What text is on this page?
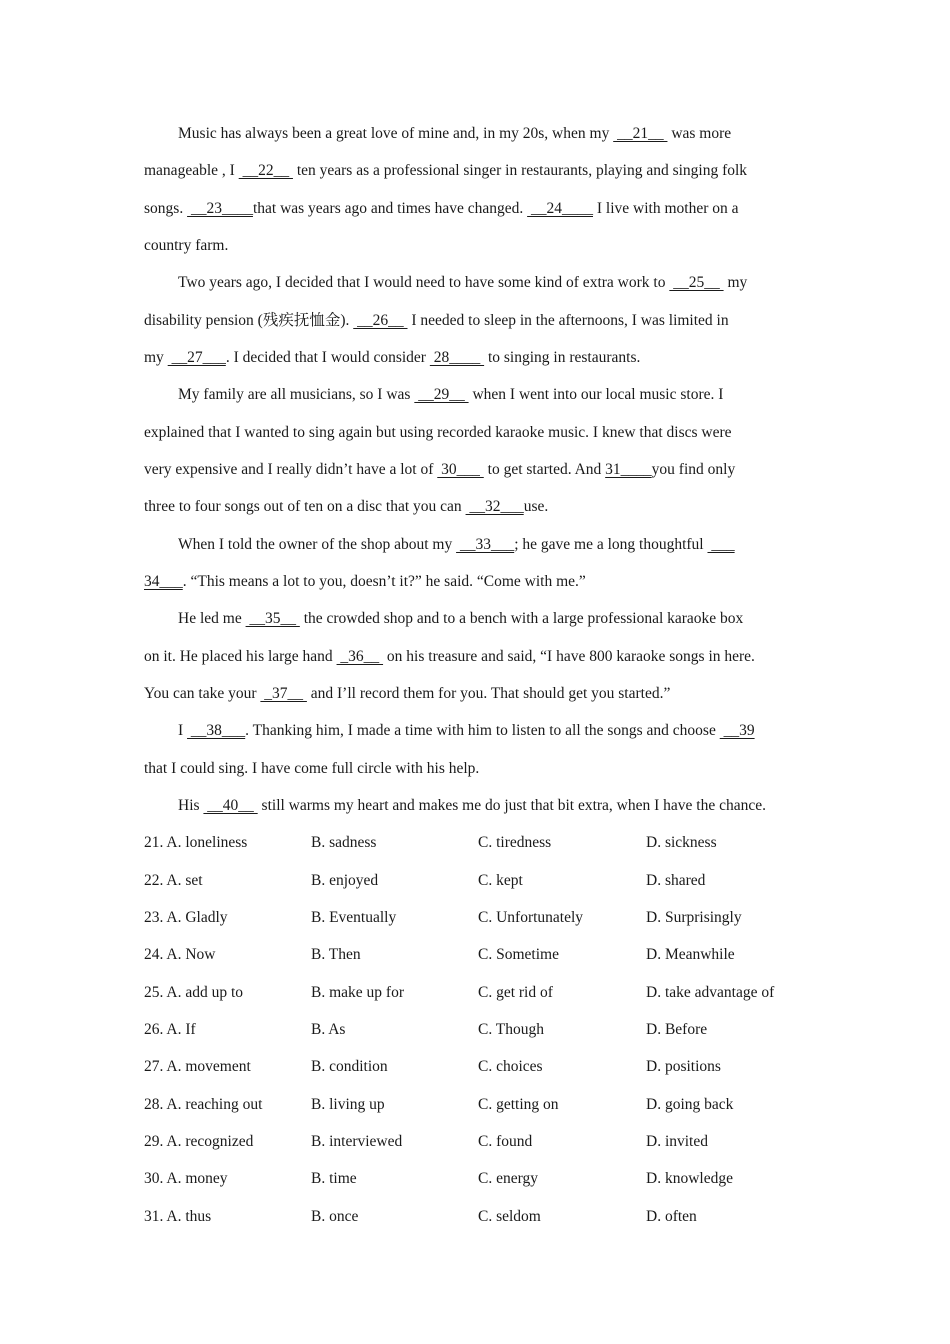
Music has always been a great love of mine and, in my 20s, when my  __21__  was more
manageable , I  __22__  ten years as a professional singer in restaurants, playing and singing folk
songs.  __23____that was years ago and times have changed.  __24____ I live with mother on a
country farm.
Two years ago, I decided that I would need to have some kind of extra work to  __25__  my
disability pension (残疾抚恤金).  __26__  I needed to sleep in the afternoons, I was limited in
my  __27___. I decided that I would consider  28____  to singing in restaurants.
My family are all musicians, so I was  __29__  when I went into our local music store. I
explained that I wanted to sing again but using recorded karaoke music. I knew that discs were
very expensive and I really didn’t have a lot of  30___  to get started. And 31____you find only
three to four songs out of ten on a disc that you can  __32___use.
When I told the owner of the shop about my  __33___; he gave me a long thoughtful  ___
34___. “This means a lot to you, doesn’t it?” he said. “Come with me.”
He led me  __35__  the crowded shop and to a bench with a large professional karaoke box
on it. He placed his large hand  _36__  on his treasure and said, “I have 800 karaoke songs in here.
You can take your  _37__  and I’ll record them for you. That should get you started.”
I  __38___. Thanking him, I made a time with him to listen to all the songs and choose  __39
that I could sing. I have come full circle with his help.
His  __40__  still warms my heart and makes me do just that bit extra, when I have the chance.
21. A. loneliness	B. sadness	C. tiredness	D. sickness
22. A. set	B. enjoyed	C. kept	D. shared
23. A. Gladly	B. Eventually	C. Unfortunately	D. Surprisingly
24. A. Now	B. Then	C. Sometime	D. Meanwhile
25. A. add up to	B. make up for	C. get rid of	D. take advantage of
26. A. If	B. As	C. Though	D. Before
27. A. movement	B. condition	C. choices	D. positions
28. A. reaching out	B. living up	C. getting on	D. going back
29. A. recognized	B. interviewed	C. found	D. invited
30. A. money	B. time	C. energy	D. knowledge
31. A. thus	B. once	C. seldom	D. often
